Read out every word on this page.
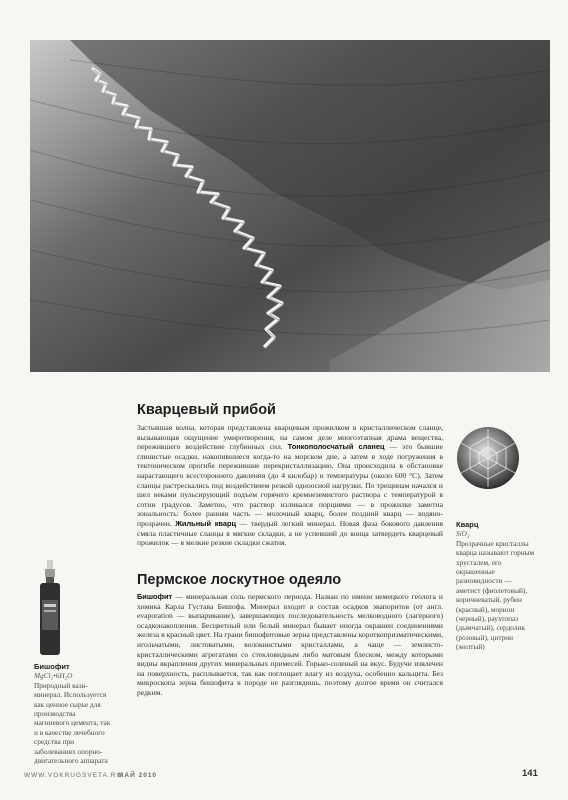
Кварцевый прибой

Застывшая волна, которая представлена кварцевым прожилком в кристаллическом сланце, вызывающая ощущение умиротворения, на самом деле многоэтапная драма вещества, пережившего воздействие глубинных сил. Тонкополосчатый сланец — это бывшие глинистые осадки, накопившиеся когда-то на морском дне, а затем в ходе погружения в тектоническом прогибе пережившие перекристаллизацию. Она происходила в обстановке нарастающего всестороннего давления (до 4 килобар) и температуры (около 600 °С). Затем сланцы растрескались под воздействием резкой одноосной нагрузки. По трещинам начался и шел веками пульсирующий подъем горячего кремнеземистого раствора с температурой в сотни градусов. Заметно, что раствор изливался порциями — в прожилке заметна зональность: более ранняя часть — молочный кварц, более поздний кварц — водяно-прозрачен. Жильный кварц — твердый легкий минерал. Новая фаза бокового давления смяла пластичные сланцы в мягкие складки, а не успевший до конца затвердеть кварцевый прожилок — в мелкие резкие складки сжатия.

Пермское лоскутное одеяло

Бишофит — минеральная соль пермского периода. Назван по имени немецкого геолога и химика Карла Густава Бишофа. Минерал входит в состав осадков эвапоритов (от англ. evaporation — выпаривание), завершающих последовательность мелководного (лагерного) осадконакопления. Бесцветный или белый минерал бывает иногда окрашен соединениями железа в красный цвет. На грани бишофитовые зерна представлены короткопризматическими, игольчатыми, листоватыми, волокнистыми кристаллами, а чаще — землисто-кристаллическими агрегатами со стекловидным либо матовым блеском, между которыми видны вкрапления других минеральных примесей. Горько-соленый на вкус. Будучи извлечен на поверхность, расплывается, так как поглощает влагу из воздуха, особенно кальцита. Без микроскопа зерна бишофита в породе не разглядишь, поэтому долгое время он считался редким.

Кварц
SiO₂
Прозрачные кристаллы кварца называют горным хрусталем, его окрашенные разновидности — аметист (фиолетовый), коричневатый, рубин (красный), морион (черный), раухтопаз (дымчатый), сердолик (розовый), цитрин (желтый)
Бишофит
MgCl₂•6H₂O
Природный вазн-минерал. Используется как ценное сырье для производства магниевого цемента, так и в качестве лечебного средства при заболеваниях опорно-двигательного аппарата
WWW.VOKRUGSVETA.RU
МАЙ 2010	141
